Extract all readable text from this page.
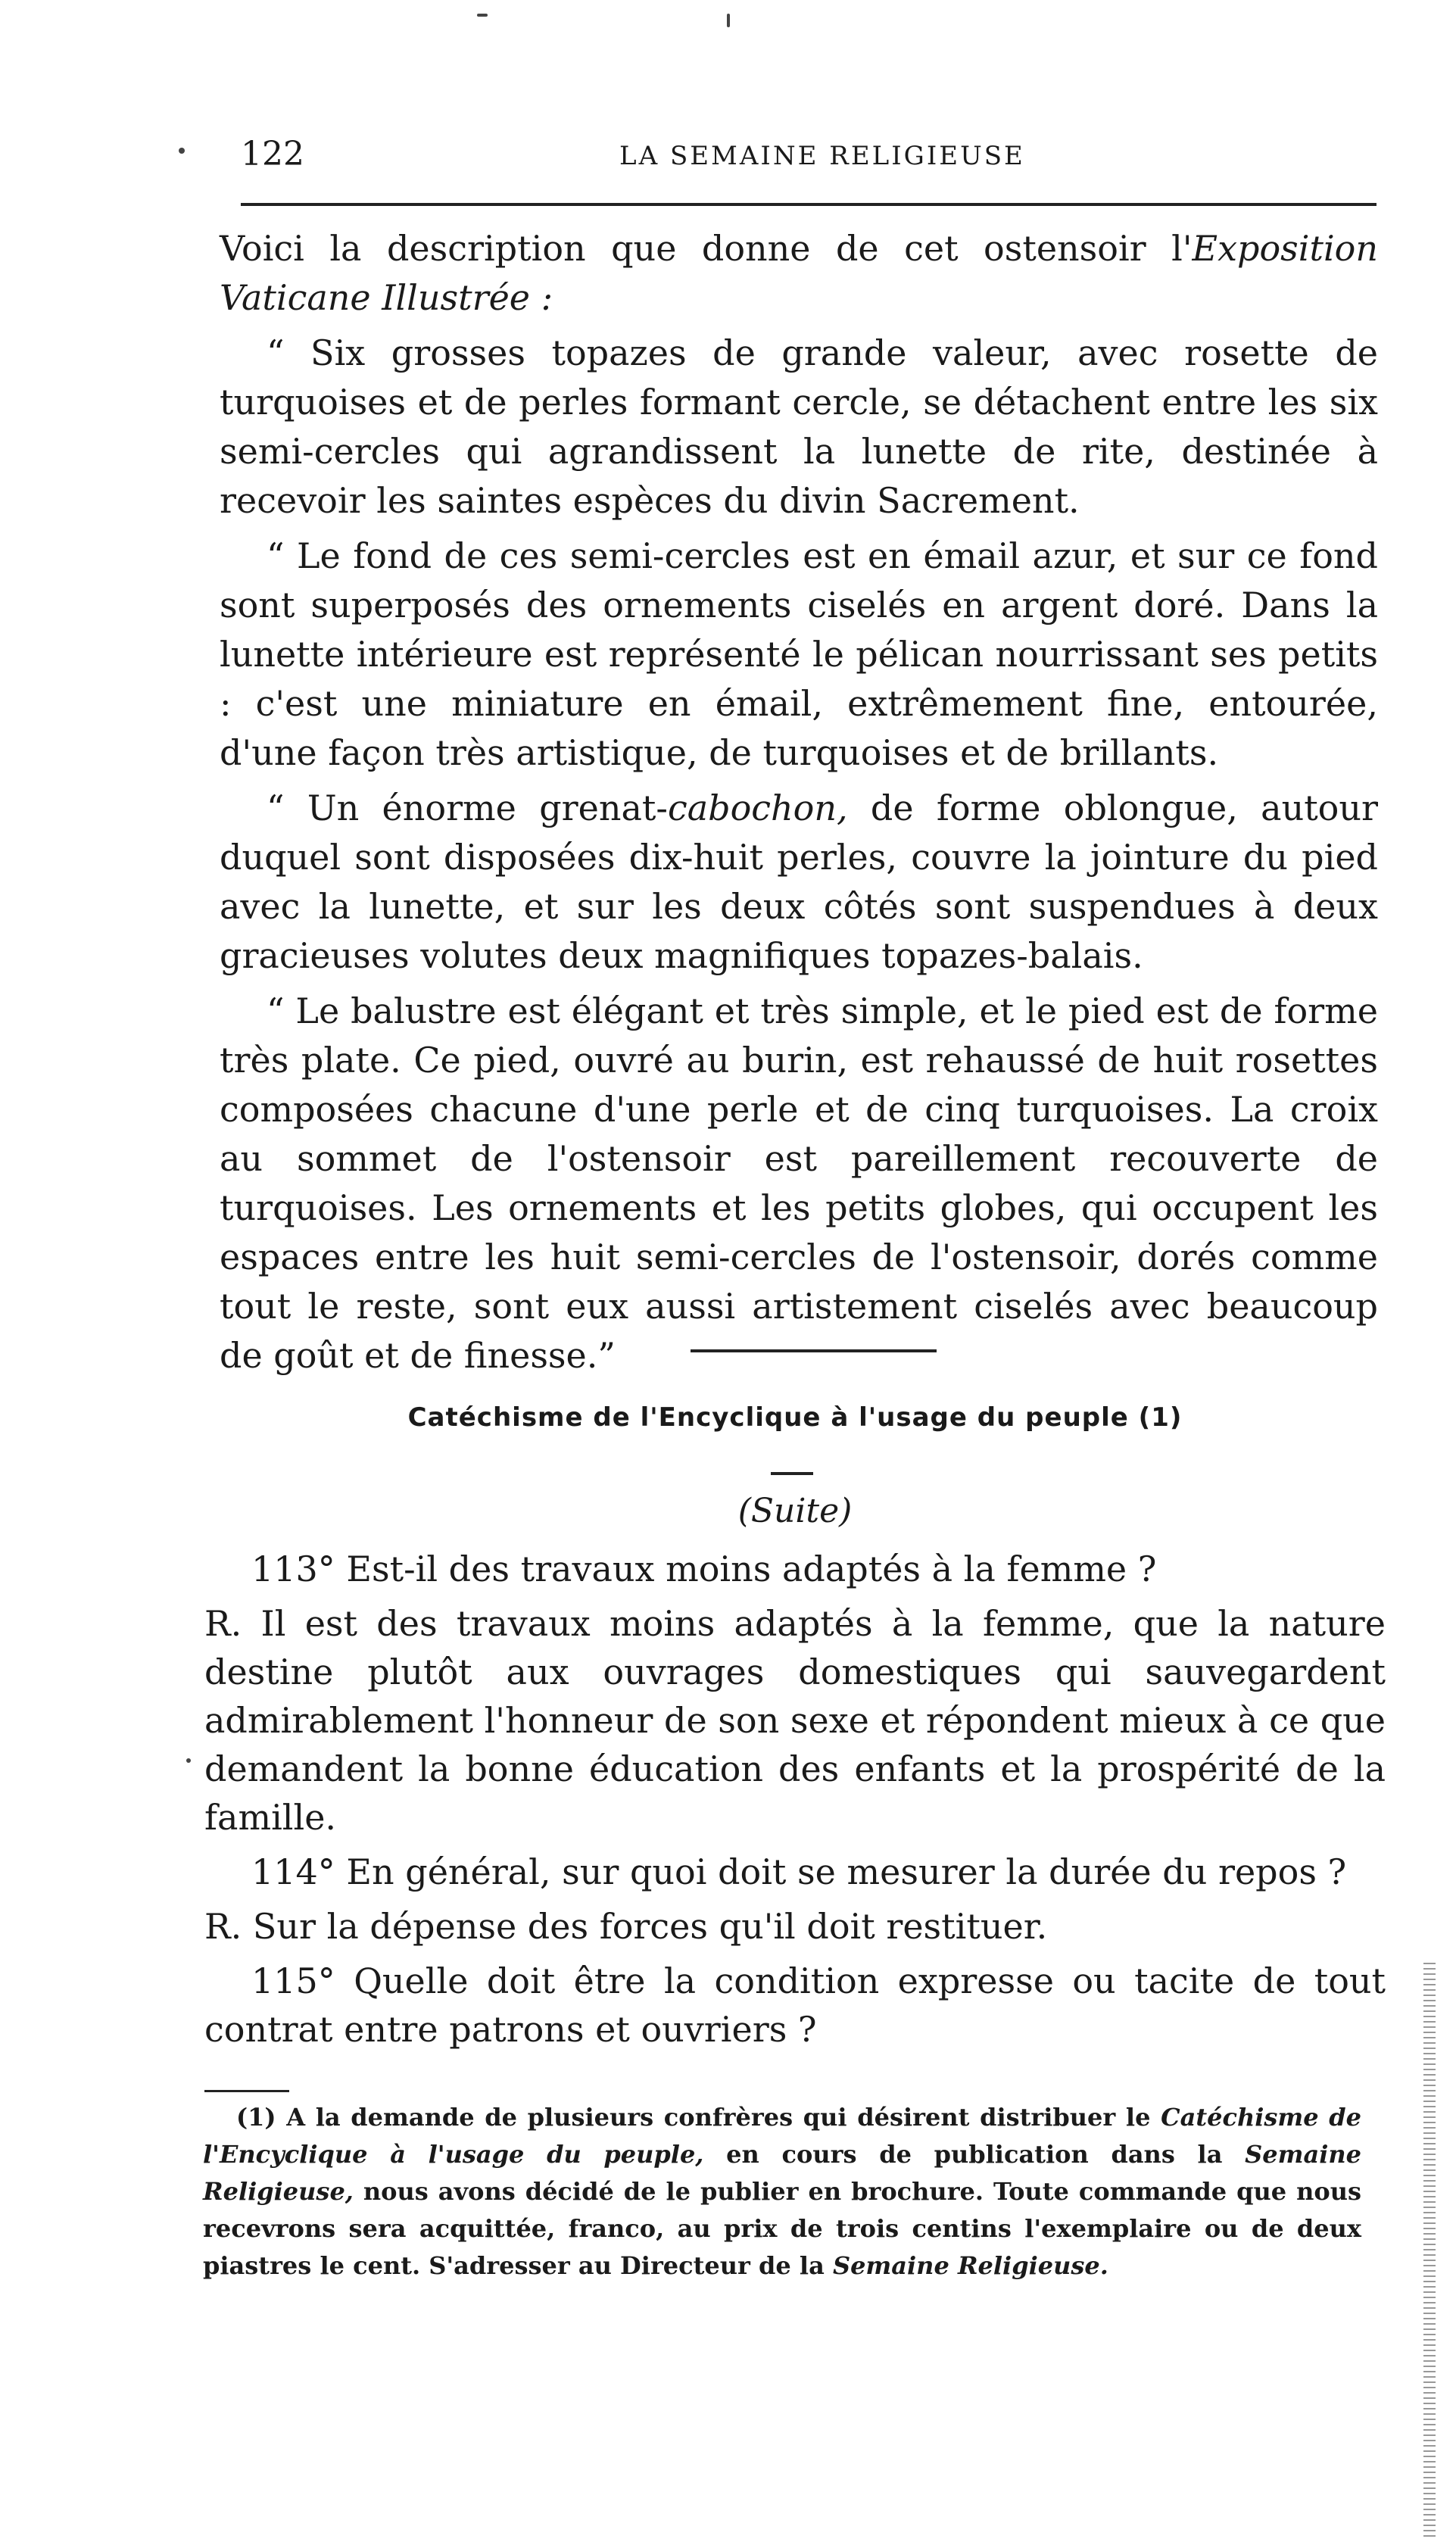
122	LA SEMAINE RELIGIEUSE

Voici la description que donne de cet ostensoir l'Exposition Vaticane Illustrée :

“ Six grosses topazes de grande valeur, avec rosette de turquoises et de perles formant cercle, se détachent entre les six semi-cercles qui agrandissent la lunette de rite, destinée à recevoir les saintes espèces du divin Sacrement.

“ Le fond de ces semi-cercles est en émail azur, et sur ce fond sont superposés des ornements ciselés en argent doré. Dans la lunette intérieure est représenté le pélican nourrissant ses petits : c'est une miniature en émail, extrêmement fine, entourée, d'une façon très artistique, de turquoises et de brillants.

“ Un énorme grenat-cabochon, de forme oblongue, autour duquel sont disposées dix-huit perles, couvre la jointure du pied avec la lunette, et sur les deux côtés sont suspendues à deux gracieuses volutes deux magnifiques topazes-balais.

“ Le balustre est élégant et très simple, et le pied est de forme très plate. Ce pied, ouvré au burin, est rehaussé de huit rosettes composées chacune d'une perle et de cinq turquoises. La croix au sommet de l'ostensoir est pareillement recouverte de turquoises. Les ornements et les petits globes, qui occupent les espaces entre les huit semi-cercles de l'ostensoir, dorés comme tout le reste, sont eux aussi artistement ciselés avec beaucoup de goût et de finesse.”

Catéchisme de l'Encyclique à l'usage du peuple (1)
(Suite)

113° Est-il des travaux moins adaptés à la femme ?

R. Il est des travaux moins adaptés à la femme, que la nature destine plutôt aux ouvrages domestiques qui sauvegardent admirablement l'honneur de son sexe et répondent mieux à ce que demandent la bonne éducation des enfants et la prospérité de la famille.

114° En général, sur quoi doit se mesurer la durée du repos ?

R. Sur la dépense des forces qu'il doit restituer.

115° Quelle doit être la condition expresse ou tacite de tout contrat entre patrons et ouvriers ?

(1) A la demande de plusieurs confrères qui désirent distribuer le Catéchisme de l'Encyclique à l'usage du peuple, en cours de publication dans la Semaine Religieuse, nous avons décidé de le publier en brochure. Toute commande que nous recevrons sera acquittée, franco, au prix de trois centins l'exemplaire ou de deux piastres le cent. S'adresser au Directeur de la Semaine Religieuse.
